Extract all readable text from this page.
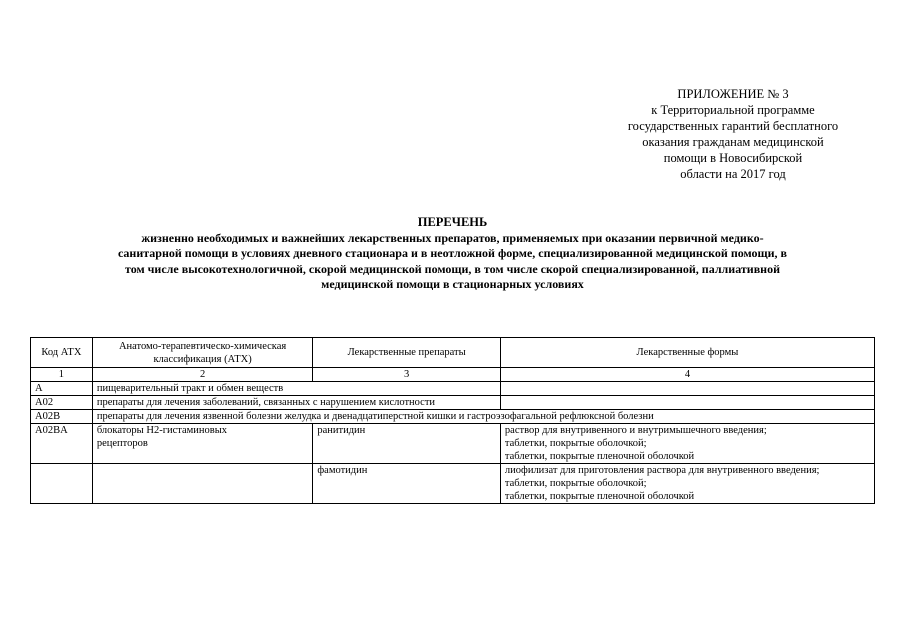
ПРИЛОЖЕНИЕ № 3
к Территориальной программе
государственных гарантий бесплатного
оказания гражданам медицинской
помощи в Новосибирской
области на 2017 год
ПЕРЕЧЕНЬ
жизненно необходимых и важнейших лекарственных препаратов, применяемых при оказании первичной медико-
санитарной помощи в условиях дневного стационара и в неотложной форме, специализированной медицинской помощи, в
том числе высокотехнологичной, скорой медицинской помощи, в том числе скорой специализированной, паллиативной
медицинской помощи в стационарных условиях
Код АТХ	Анатомо-терапевтическо-химическая классификация (АТХ)	Лекарственные препараты	Лекарственные формы
1	2	3	4
A	пищеварительный тракт и обмен веществ		
A02	препараты для лечения заболеваний, связанных с нарушением кислотности		

A02B	препараты для лечения язвенной болезни желудка и двенадцатиперстной кишки и гастроэзофагальной рефлюксной болезни		
A02BA	блокаторы Н2-гистаминовых рецепторов	ранитидин	раствор для внутривенного и внутримышечного введения;
таблетки, покрытые оболочкой;
таблетки, покрытые пленочной оболочкой

		фамотидин	лиофилизат для приготовления раствора для внутривенного введения;
таблетки, покрытые оболочкой;
таблетки, покрытые пленочной оболочкой
